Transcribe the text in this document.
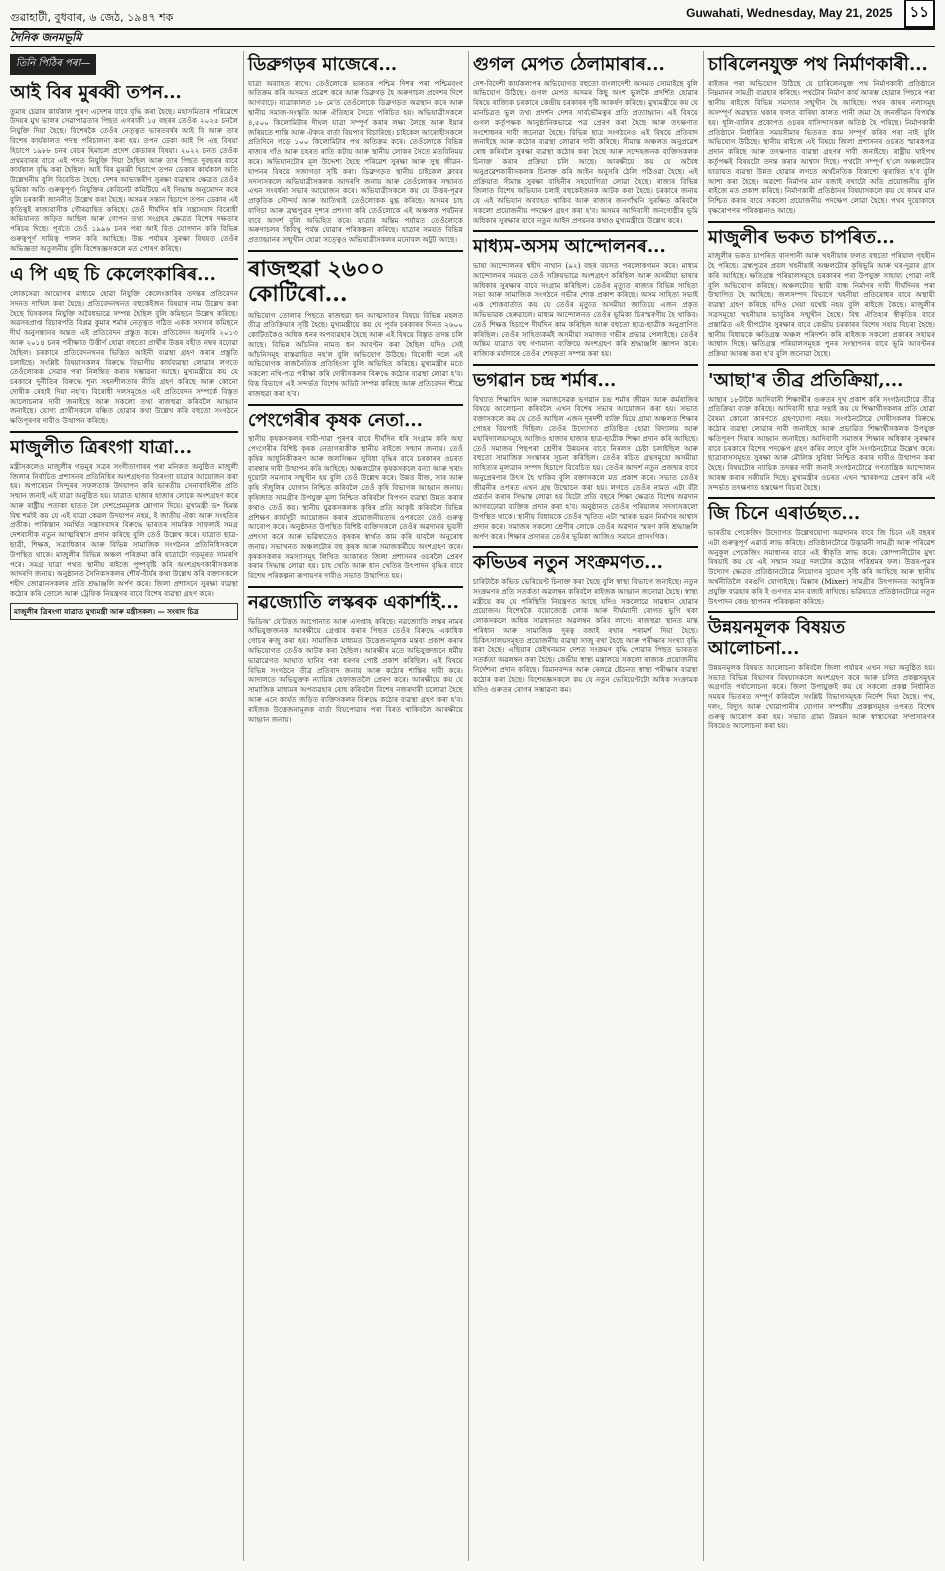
গুৱাহাটী, বুধবাৰ, ৬ জেঠ, ১৯৪৭ শক	Guwahati, Wednesday, May 21, 2025 ১১
দৈনিক জনমভূমি
তিনি পিঠিৰ পৰা—
আই বিৰ মুৰব্বী তপন...
তুমাৰ চেৱাৰ কাৰ্যকাল পুৰণ এদেশৰ বাবে বৃদ্ধি কৰা হৈছে। মহাসমিতাৰ পৰিৱেশে উদয়ৰ মুখ ভালৰ সেৱাপাৱতাৰ পিছত এগৰাকী ১৫ বছৰৰ তেওঁক ২০২৫ চনলৈ নিযুক্তি দিয়া হৈছে। বিশেষকৈ তেওঁৰ নেতৃত্বত ভাৰতবৰ্ষৰ আই বি আৰু তাৰ বিশেষ কাৰ্যকালত পদস্থ পৰিচালনা কৰা হয়। তপন ডেকা আই পি এছ বিষয়া হিচাপে ১৯৮৮ চনৰ বেচৰ হিমাচল প্ৰদেশ কেডাৰৰ বিষয়া। ২০২২ চনত তেওঁক প্ৰথমবাৰৰ বাবে এই পদত নিযুক্তি দিয়া হৈছিল আৰু তাৰ পিছত দুবছৰৰ বাবে কাৰ্যকাল বৃদ্ধি কৰা হৈছিল। আই বিৰ মুৰব্বী হিচাপে তপন ডেকাৰ কাৰ্যকাল অতি উল্লেখনীয় বুলি বিবেচিত হৈছে। দেশৰ আভ্যন্তৰীণ সুৰক্ষা ব্যৱস্থাৰ ক্ষেত্ৰত তেওঁৰ ভূমিকা অতি গুৰুত্বপূৰ্ণ। নিযুক্তিৰ কেবিনেট কমিটিয়ে এই সিদ্ধান্ত অনুমোদন কৰে বুলি চৰকাৰী জাননীত উল্লেখ কৰা হৈছে। অসমৰ সন্তান হিচাপে তপন ডেকাৰ এই কৃতিত্বই ৰাজ্যবাসীক গৌৰৱান্বিত কৰিছে। তেওঁ দীৰ্ঘদিন ধৰি সন্ত্ৰাসবাদ বিৰোধী অভিযানত জড়িত আছিল আৰু গোপন তথ্য সংগ্ৰহৰ ক্ষেত্ৰত বিশেষ দক্ষতাৰ পৰিচয় দিছে। পূৰ্বতে তেওঁ ১৯৯৬ চনৰ পৰা আই বিত যোগদান কৰি বিভিন্ন গুৰুত্বপূৰ্ণ দায়িত্ব পালন কৰি আহিছে। উচ্চ পৰ্যায়ৰ সুৰক্ষা বিষয়ত তেওঁৰ অভিজ্ঞতা অতুলনীয় বুলি বিশেষজ্ঞসকলে মত পোষণ কৰিছে।
এ পি এছ চি কেলেংকাৰিৰ...
লোকসেৱা আয়োগৰ মাধ্যমে হোৱা নিযুক্তি কেলেংকাৰিৰ তদন্তৰ প্ৰতিবেদন সদনত দাখিল কৰা হৈছে। প্ৰতিবেদনখনত বহুকেইজন বিষয়াৰ নাম উল্লেখ কৰা হৈছে যিসকলৰ নিযুক্তি অবৈধভাৱে সম্পন্ন হৈছিল বুলি কমিছনে উল্লেখ কৰিছে। অৱসৰপ্ৰাপ্ত বিচাৰপতি বিপ্লৱ কুমাৰ শৰ্মাৰ নেতৃত্বত গঠিত একক সদস্যৰ কমিছনে দীৰ্ঘ অনুসন্ধানৰ অন্তত এই প্ৰতিবেদন প্ৰস্তুত কৰে। প্ৰতিবেদন অনুসৰি ২০১৩ আৰু ২০১৪ চনৰ পৰীক্ষাত উত্তীৰ্ণ হোৱা বহুতো প্ৰাৰ্থীৰ উত্তৰ বহীত নম্বৰ বঢ়োৱা হৈছিল। চৰকাৰে প্ৰতিবেদনখনৰ ভিত্তিত আইনী ব্যৱস্থা গ্ৰহণ কৰাৰ প্ৰস্তুতি চলাইছে। সংশ্লিষ্ট বিষয়াসকলৰ বিৰুদ্ধে বিভাগীয় কাৰ্যব্যৱস্থা লোৱাৰ লগতে তেওঁলোকক সেৱাৰ পৰা নিলম্বিত কৰাৰ সম্ভাৱনা আছে। মুখ্যমন্ত্ৰীয়ে কয় যে চৰকাৰে দুৰ্নীতিৰ বিৰুদ্ধে শূন্য সহনশীলতাৰ নীতি গ্ৰহণ কৰিছে আৰু কোনো দোষীক ৰেহাই দিয়া নহ'ব। বিৰোধী দলসমূহেও এই প্ৰতিবেদন সম্পৰ্কে বিস্তৃত আলোচনাৰ দাবী জনাইছে আৰু সকলো তথ্য ৰাজহুৱা কৰিবলৈ আহ্বান জনাইছে। যোগ্য প্ৰাৰ্থীসকলে বঞ্চিত হোৱাৰ কথা উল্লেখ কৰি বহুতো সংগঠনে ক্ষতিপূৰণৰ দাবীও উত্থাপন কৰিছে।
মাজুলীত ত্ৰিৰংগা যাত্ৰা...
মন্ত্ৰীসকলেও মাজুলীৰ গড়মূৰ সত্ৰৰ সংগীতাগাৰৰ পৰা মনিকত অনুষ্ঠিত মাজুলী জিলাৰ নিৰ্বাচিত প্ৰশাসনৰ প্ৰতিনিধিৰ অংশগ্ৰহণত তিৰংগা যাত্ৰাৰ আয়োজন কৰা হয়। অপাৰেচন সিন্দুৰৰ সফলতাক উদযাপন কৰি ভাৰতীয় সেনাবাহিনীৰ প্ৰতি সন্মান জনাই এই যাত্ৰা অনুষ্ঠিত হয়। যাত্ৰাত হাজাৰ হাজাৰ লোকে অংশগ্ৰহণ কৰে আৰু ৰাষ্ট্ৰীয় পতাকা হাতত লৈ দেশপ্ৰেমমূলক শ্লোগান দিয়ে। মুখ্যমন্ত্ৰী ড॰ হিমন্ত বিশ্ব শৰ্মাই কয় যে এই যাত্ৰা কেৱল উদযাপন নহয়, ই জাতীয় ঐক্য আৰু সংহতিৰ প্ৰতীক। পাকিস্তান সমৰ্থিত সন্ত্ৰাসবাদৰ বিৰুদ্ধে ভাৰতৰ সামৰিক সাফল্যই সমগ্ৰ দেশবাসীক নতুন আত্মবিশ্বাস প্ৰদান কৰিছে বুলি তেওঁ উল্লেখ কৰে। যাত্ৰাত ছাত্ৰ-ছাত্ৰী, শিক্ষক, সত্ৰাধিকাৰ আৰু বিভিন্ন সামাজিক সংগঠনৰ প্ৰতিনিধিসকলে উপস্থিত থাকে। মাজুলীৰ বিভিন্ন অঞ্চল পৰিক্ৰমা কৰি যাত্ৰাটো গড়মূৰত সামৰণি পৰে। সমগ্ৰ যাত্ৰা পথত স্থানীয় ৰাইজে পুষ্পবৃষ্টি কৰি অংশগ্ৰহণকাৰীসকলক আদৰণি জনায়। অনুষ্ঠানত সৈনিকসকলৰ শৌৰ্য-বীৰ্যৰ কথা উল্লেখ কৰি বক্তাসকলে শহীদ জোৱানসকলৰ প্ৰতি শ্ৰদ্ধাঞ্জলি অৰ্পণ কৰে। জিলা প্ৰশাসনে সুৰক্ষা ব্যৱস্থা কঠোৰ কৰি তোলে আৰু ট্ৰেফিক নিয়ন্ত্ৰণৰ বাবে বিশেষ ব্যৱস্থা গ্ৰহণ কৰে।
মাজুলীৰ ত্ৰিৰংগা যাত্ৰাত মুখ্যমন্ত্ৰী আৰু মন্ত্ৰীসকল। — সংবাদ চিত্ৰ
ডিব্ৰুগড়ৰ মাজেৰে...
যাত্ৰা অব্যাহত ৰাখে। তেওঁলোকে ভাৰতৰ পশ্চিম দিশৰ পৰা পশ্চিমবংগ অতিক্ৰম কৰি অসমত প্ৰৱেশ কৰে আৰু ডিব্ৰুগড় হৈ অৰুণাচল প্ৰদেশৰ দিশে আগবাঢ়ে। যাত্ৰাকালত ১৮ মে'ত তেওঁলোকে ডিব্ৰুগড়ত অৱস্থান কৰে আৰু স্থানীয় সমাজ-সংস্কৃতি আৰু ঐতিহ্যৰ সৈতে পৰিচিত হয়। অভিযাত্ৰীসকলে ৪,৫০০ কিলোমিটাৰ দীঘল যাত্ৰা সম্পূৰ্ণ কৰাৰ লক্ষ্য লৈছে আৰু ইয়াৰ জৰিয়তে শান্তি আৰু ঐক্যৰ বাৰ্তা বিয়পাব বিচাৰিছে। চাইকেল আৰোহীসকলে প্ৰতিদিনে গড়ে ১০০ কিলোমিটাৰ পথ অতিক্ৰম কৰে। তেওঁলোকে বিভিন্ন ৰাজ্যৰ গাঁও আৰু চহৰত ৰাতি কটায় আৰু স্থানীয় লোকৰ সৈতে মতবিনিময় কৰে। অভিযানটোৰ মূল উদ্দেশ্য হৈছে পৰিৱেশ সুৰক্ষা আৰু সুস্থ জীৱন-যাপনৰ বিষয়ে সজাগতা সৃষ্টি কৰা। ডিব্ৰুগড়ত স্থানীয় চাইকেল ক্লাবৰ সদস্যসকলে অভিযাত্ৰীসকলক আদৰণি জনায় আৰু তেওঁলোকৰ সন্মানত এখন সংবৰ্ধনা সভাৰ আয়োজন কৰে। অভিযাত্ৰীসকলে কয় যে উত্তৰ-পূৱৰ প্ৰাকৃতিক সৌন্দৰ্য আৰু আতিথ্যই তেওঁলোকক মুগ্ধ কৰিছে। অসমৰ চাহ বাগিচা আৰু ব্ৰহ্মপুত্ৰৰ দৃশ্যৰ প্ৰশংসা কৰি তেওঁলোকে এই অঞ্চলক পৰ্যটনৰ বাবে আদৰ্শ বুলি অভিহিত কৰে। যাত্ৰাৰ অন্তিম পৰ্যায়ত তেওঁলোকে অৰুণাচলৰ কিবিথু পৰ্যন্ত যোৱাৰ পৰিকল্পনা কৰিছে। যাত্ৰাৰ সময়ত বিভিন্ন প্ৰত্যাহ্বানৰ সন্মুখীন হোৱা সত্ত্বেও অভিযাত্ৰীসকলৰ মনোবল অটুট আছে।
ৰাজহুৱা ২৬০০ কোটিৰো...
অভিযোগ তোলাৰ পিছতে ৰাজহুৱা ধন আত্মসাতৰ বিষয়ে বিভিন্ন মহলত তীব্ৰ প্ৰতিক্ৰিয়াৰ সৃষ্টি হৈছে। মুখ্যমন্ত্ৰীয়ে কয় যে পূৰ্বৰ চৰকাৰৰ দিনত ২৬০০ কোটিতকৈও অধিক ধনৰ অপব্যৱহাৰ হৈছে আৰু এই বিষয়ে বিস্তৃত তদন্ত চলি আছে। বিভিন্ন আঁচনিৰ নামত ধন আবণ্টন কৰা হৈছিল যদিও সেই আঁচনিসমূহ বাস্তৱায়িত নহ'ল বুলি অভিযোগ উঠিছে। বিৰোধী দলে এই অভিযোগক ৰাজনৈতিক প্ৰতিহিংসা বুলি অভিহিত কৰিছে। মুখ্যমন্ত্ৰীৰ মতে সকলো নথি-পত্ৰ পৰীক্ষা কৰি দোষীসকলৰ বিৰুদ্ধে কঠোৰ ব্যৱস্থা লোৱা হ'ব। বিত্ত বিভাগে এই সন্দৰ্ভত বিশেষ অডিট সম্পন্ন কৰিছে আৰু প্ৰতিবেদন শীঘ্ৰে ৰাজহুৱা কৰা হ'ব।
পেংগেৰীৰ কৃষক নেতা...
স্থানীয় কৃষকসকলৰ দাবী-দাৱা পূৰণৰ বাবে দীৰ্ঘদিন ধৰি সংগ্ৰাম কৰি অহা পেংগেৰীৰ বিশিষ্ট কৃষক নেতাগৰাকীক স্থানীয় ৰাইজে সন্মান জনায়। তেওঁ কৃষিৰ আধুনিকীকৰণ আৰু জলসিঞ্চন সুবিধা বৃদ্ধিৰ বাবে চৰকাৰৰ ওচৰত বাৰম্বাৰ দাবী উত্থাপন কৰি আহিছে। অঞ্চলটোৰ কৃষকসকলে বন্যা আৰু খৰাং দুয়োটা সমস্যাৰ সন্মুখীন হয় বুলি তেওঁ উল্লেখ কৰে। উন্নত বীজ, সাৰ আৰু কৃষি সঁজুলিৰ যোগান নিশ্চিত কৰিবলৈ তেওঁ কৃষি বিভাগক আহ্বান জনায়। কৃষিজাত সামগ্ৰীৰ উপযুক্ত মূল্য নিশ্চিত কৰিবলৈ বিপণন ব্যৱস্থা উন্নত কৰাৰ কথাও তেওঁ কয়। স্থানীয় যুৱকসকলক কৃষিৰ প্ৰতি আকৃষ্ট কৰিবলৈ বিভিন্ন প্ৰশিক্ষণ কাৰ্যসূচী আয়োজন কৰাৰ প্ৰয়োজনীয়তাৰ ওপৰতো তেওঁ গুৰুত্ব আৰোপ কৰে। অনুষ্ঠানত উপস্থিত বিশিষ্ট ব্যক্তিসকলে তেওঁৰ অৱদানৰ ভূয়সী প্ৰশংসা কৰে আৰু ভৱিষ্যতেও কৃষকৰ স্বাৰ্থত কাম কৰি যাবলৈ অনুৰোধ জনায়। সভাখনত অঞ্চলটোৰ বহু কৃষক আৰু সমাজকৰ্মীয়ে অংশগ্ৰহণ কৰে। কৃষকসকলৰ সমস্যাসমূহ লিখিত আকাৰত জিলা প্ৰশাসনৰ ওচৰলৈ প্ৰেৰণ কৰাৰ সিদ্ধান্ত লোৱা হয়। চাহ খেতি আৰু ধান খেতিৰ উৎপাদন বৃদ্ধিৰ বাবে বিশেষ পৰিকল্পনা ৰূপায়ণৰ দাবীও সভাত উত্থাপিত হয়।
নৱজ্যোতি লস্কৰক একাৰ্শাই...
ভিডিঅ' যে'টত্তত আপোনাত আৰু এসপ্তাহ কৰিছে। নৱজ্যোতি লস্কৰ নামৰ অভিযুক্তজনক আৰক্ষীয়ে গ্ৰেপ্তাৰ কৰাৰ পিছত তেওঁৰ বিৰুদ্ধে একাধিক গোচৰ ৰুজু কৰা হয়। সামাজিক মাধ্যমত উত্তেজনামূলক মন্তব্য প্ৰকাশ কৰাৰ অভিযোগত তেওঁক আটক কৰা হৈছিল। আৰক্ষীৰ মতে অভিযুক্তজনে ধৰ্মীয় ভাৱাৱেগত আঘাত হানিব পৰা ধৰণৰ পোষ্ট প্ৰকাশ কৰিছিল। এই বিষয়ে বিভিন্ন সংগঠনে তীব্ৰ প্ৰতিবাদ জনায় আৰু কঠোৰ শাস্তিৰ দাবী কৰে। আদালতে অভিযুক্তক ন্যায়িক হেফাজতলৈ প্ৰেৰণ কৰে। আৰক্ষীয়ে কয় যে সামাজিক মাধ্যমৰ অপব্যৱহাৰ ৰোধ কৰিবলৈ বিশেষ নজৰদাৰী চলোৱা হৈছে আৰু এনে কাৰ্যত জড়িত ব্যক্তিসকলৰ বিৰুদ্ধে কঠোৰ ব্যৱস্থা গ্ৰহণ কৰা হ'ব। ৰাইজক উত্তেজনামূলক বাৰ্তা বিয়পোৱাৰ পৰা বিৰত থাকিবলৈ আৰক্ষীয়ে আহ্বান জনায়।
গুগল মেপত ঠেলামাৰাৰ...
দেশ-বিদেশী কাৰ্যকলাপৰ অভিযোগত বহুতো বাংলাদেশী অসমত সোমাইছে বুলি অভিযোগ উঠিছে। গুগল মেপত অসমৰ কিছু অংশ ভুলকৈ প্ৰদৰ্শিত হোৱাৰ বিষয়ে ৰাজ্যিক চৰকাৰে কেন্দ্ৰীয় চৰকাৰৰ দৃষ্টি আকৰ্ষণ কৰিছে। মুখ্যমন্ত্ৰীয়ে কয় যে মানচিত্ৰত ভুল তথ্য প্ৰদৰ্শন দেশৰ সাৰ্বভৌমত্বৰ প্ৰতি প্ৰত্যাহ্বান। এই বিষয়ে গুগল কৰ্তৃপক্ষক আনুষ্ঠানিকভাৱে পত্ৰ প্ৰেৰণ কৰা হৈছে আৰু তৎক্ষণাত সংশোধনৰ দাবী জনোৱা হৈছে। বিভিন্ন ছাত্ৰ সংগঠনেও এই বিষয়ে প্ৰতিবাদ জনাইছে আৰু কঠোৰ ব্যৱস্থা লোৱাৰ দাবী কৰিছে। সীমান্ত অঞ্চলত অনুপ্ৰৱেশ ৰোধ কৰিবলৈ সুৰক্ষা ব্যৱস্থা কঠোৰ কৰা হৈছে আৰু সন্দেহজনক ব্যক্তিসকলক চিনাক্ত কৰাৰ প্ৰক্ৰিয়া চলি আছে। আৰক্ষীয়ে কয় যে অবৈধ অনুপ্ৰৱেশকাৰীসকলক চিনাক্ত কৰি আইন অনুসৰি ঠেলি পঠিওৱা হৈছে। এই প্ৰক্ৰিয়াত সীমান্ত সুৰক্ষা বাহিনীৰ সহযোগিতা লোৱা হৈছে। ৰাজ্যৰ বিভিন্ন জিলাত বিশেষ অভিযান চলাই বহুকেইজনক আটক কৰা হৈছে। চৰকাৰে জনায় যে এই অভিযান অব্যাহত থাকিব আৰু ৰাজ্যৰ জনগাঁথনি সুৰক্ষিত কৰিবলৈ সকলো প্ৰয়োজনীয় পদক্ষেপ গ্ৰহণ কৰা হ'ব। অসমৰ আদিবাসী জনগোষ্ঠীৰ ভূমি অধিকাৰ সুৰক্ষাৰ বাবে নতুন আইন প্ৰণয়নৰ কথাও মুখ্যমন্ত্ৰীয়ে উল্লেখ কৰে।
মাধ্যম-অসম আন্দোলনৰ...
ভাষা আন্দোলনৰ শ্বহীদ নাথান (৯২) বছৰ বয়সত পৰলোকগমন কৰে। মাধ্যম আন্দোলনৰ সময়ত তেওঁ সক্ৰিয়ভাৱে অংশগ্ৰহণ কৰিছিল আৰু অসমীয়া ভাষাৰ অধিকাৰ সুৰক্ষাৰ বাবে সংগ্ৰাম কৰিছিল। তেওঁৰ মৃত্যুত ৰাজ্যৰ বিভিন্ন সাহিত্য সভা আৰু সামাজিক সংগঠনে গভীৰ শোক প্ৰকাশ কৰিছে। অসম সাহিত্য সভাই এক শোকবাৰ্তাত কয় যে তেওঁৰ মৃত্যুত অসমীয়া জাতিয়ে এজন প্ৰকৃত অভিভাৱক হেৰুৱালে। মাধ্যম আন্দোলনত তেওঁৰ ভূমিকা চিৰস্মৰণীয় হৈ থাকিব। তেওঁ শিক্ষক হিচাপে দীৰ্ঘদিন কাম কৰিছিল আৰু বহুতো ছাত্ৰ-ছাত্ৰীক অনুপ্ৰাণিত কৰিছিল। তেওঁৰ সাহিত্যকৰ্মই অসমীয়া সমাজত গভীৰ প্ৰভাৱ পেলাইছে। তেওঁৰ অন্তিম যাত্ৰাত বহু গণ্যমান্য ব্যক্তিয়ে অংশগ্ৰহণ কৰি শ্ৰদ্ধাঞ্জলি জ্ঞাপন কৰে। ৰাজ্যিক মৰ্যাদাৰে তেওঁৰ শেষকৃত্য সম্পন্ন কৰা হয়।
ভগৱান চন্দ্ৰ শৰ্মাৰ...
বিখ্যাত শিক্ষাবিদ আৰু সমাজসেৱক ভগৱান চন্দ্ৰ শৰ্মাৰ জীৱন আৰু কৰ্মৰাজিৰ বিষয়ে আলোচনা কৰিবলৈ এখন বিশেষ সভাৰ আয়োজন কৰা হয়। সভাত বক্তাসকলে কয় যে তেওঁ আছিল এজন দূৰদৰ্শী ব্যক্তি যিয়ে গ্ৰাম্য অঞ্চলত শিক্ষাৰ পোহৰ বিয়পাই দিছিল। তেওঁৰ উদ্যোগত প্ৰতিষ্ঠিত হোৱা বিদ্যালয় আৰু মহাবিদ্যালয়সমূহে আজিও হাজাৰ হাজাৰ ছাত্ৰ-ছাত্ৰীক শিক্ষা প্ৰদান কৰি আহিছে। তেওঁ সমাজৰ পিছপৰা শ্ৰেণীৰ উন্নয়নৰ বাবে নিৰলস চেষ্টা চলাইছিল আৰু বহুতো সামাজিক সংস্কাৰৰ সূচনা কৰিছিল। তেওঁৰ ৰচিত গ্ৰন্থসমূহো অসমীয়া সাহিত্যৰ মূল্যৱান সম্পদ হিচাপে বিবেচিত হয়। তেওঁৰ আদৰ্শ নতুন প্ৰজন্মৰ বাবে অনুপ্ৰেৰণাৰ উৎস হৈ থাকিব বুলি বক্তাসকলে মত প্ৰকাশ কৰে। সভাত তেওঁৰ জীৱনীৰ ওপৰত এখন গ্ৰন্থ উন্মোচন কৰা হয়। লগতে তেওঁৰ নামত এটা বঁটা প্ৰৱৰ্তন কৰাৰ সিদ্ধান্ত লোৱা হয় যিটো প্ৰতি বছৰে শিক্ষা ক্ষেত্ৰত বিশেষ অৱদান আগবঢ়োৱা ব্যক্তিক প্ৰদান কৰা হ'ব। অনুষ্ঠানত তেওঁৰ পৰিয়ালৰ সদস্যসকলো উপস্থিত থাকে। স্থানীয় বিধায়কে তেওঁৰ স্মৃতিত এটা স্মাৰক ভৱন নিৰ্মাণৰ আশ্বাস প্ৰদান কৰে। সমাজৰ সকলো শ্ৰেণীৰ লোকে তেওঁৰ অৱদান স্মৰণ কৰি শ্ৰদ্ধাঞ্জলি অৰ্পণ কৰে। শিক্ষাৰ প্ৰসাৰত তেওঁৰ ভূমিকা আজিও সমানে প্ৰাসংগিক।
কভিডৰ নতুন সংক্ৰমণত...
চাৰিটাকৈ কভিড ভেৰিয়েণ্ট চিনাক্ত কৰা হৈছে বুলি স্বাস্থ্য বিভাগে জনাইছে। নতুন সংক্ৰমণৰ প্ৰতি সতৰ্কতা অৱলম্বন কৰিবলৈ ৰাইজক আহ্বান জনোৱা হৈছে। স্বাস্থ্য মন্ত্ৰীয়ে কয় যে পৰিস্থিতি নিয়ন্ত্ৰণত আছে যদিও সকলোৱে সাৱধান হোৱাৰ প্ৰয়োজন। বিশেষকৈ বয়োজ্যেষ্ঠ লোক আৰু দীৰ্ঘম্যাদী ৰোগত ভুগি থকা লোকসকলে অধিক সাৱধানতা অৱলম্বন কৰিব লাগে। ৰাজহুৱা স্থানত মাস্ক পৰিধান আৰু সামাজিক দূৰত্ব বজাই ৰখাৰ পৰামৰ্শ দিয়া হৈছে। চিকিৎসালয়সমূহত প্ৰয়োজনীয় ব্যৱস্থা সাজু ৰখা হৈছে আৰু পৰীক্ষাৰ সংখ্যা বৃদ্ধি কৰা হৈছে। এছিয়াৰ কেইখনমান দেশত সংক্ৰমণ বৃদ্ধি পোৱাৰ পিছত ভাৰতত সতৰ্কতা অৱলম্বন কৰা হৈছে। কেন্দ্ৰীয় স্বাস্থ্য মন্ত্ৰালয়ে সকলো ৰাজ্যক প্ৰয়োজনীয় নিৰ্দেশনা প্ৰদান কৰিছে। বিমানবন্দৰ আৰু ৰেলৱে ষ্টেচনত স্বাস্থ্য পৰীক্ষাৰ ব্যৱস্থা কঠোৰ কৰা হৈছে। বিশেষজ্ঞসকলে কয় যে নতুন ভেৰিয়েণ্টটো অধিক সংক্ৰামক যদিও গুৰুতৰ ৰোগৰ সম্ভাৱনা কম।
চাৰিলেনযুক্ত পথ নিৰ্মাণকাৰী...
ৰাইজৰ পৰা অভিযোগ উঠিছে যে চাৰিলেনযুক্ত পথ নিৰ্মাণকাৰী প্ৰতিষ্ঠানে নিম্নমানৰ সামগ্ৰী ব্যৱহাৰ কৰিছে। পথটোৰ নিৰ্মাণ কাৰ্য আৰম্ভ হোৱাৰ পিছৰে পৰা স্থানীয় ৰাইজে বিভিন্ন সমস্যাৰ সন্মুখীন হৈ আহিছে। পথৰ কাষৰ নলাসমূহ অসম্পূৰ্ণ অৱস্থাত থকাৰ ফলত বাৰিষা কালত পানী জমা হৈ জনজীৱন বিপৰ্যস্ত হয়। ধূলি-বালিৰ প্ৰকোপত ওচৰৰ বাসিন্দাসকল অতিষ্ঠ হৈ পৰিছে। নিৰ্মাণকাৰী প্ৰতিষ্ঠানে নিৰ্ধাৰিত সময়সীমাৰ ভিতৰত কাম সম্পূৰ্ণ কৰিব পৰা নাই বুলি অভিযোগ উঠিছে। স্থানীয় ৰাইজে এই বিষয়ে জিলা প্ৰশাসনৰ ওচৰত স্মাৰকপত্ৰ প্ৰদান কৰিছে আৰু তৎক্ষণাত ব্যৱস্থা গ্ৰহণৰ দাবী জনাইছে। ৰাষ্ট্ৰীয় ঘাইপথ কৰ্তৃপক্ষই বিষয়টো তদন্ত কৰাৰ আশ্বাস দিছে। পথটো সম্পূৰ্ণ হ'লে অঞ্চলটোৰ যাতায়ত ব্যৱস্থা উন্নত হোৱাৰ লগতে অৰ্থনৈতিক বিকাশো ত্বৰান্বিত হ'ব বুলি আশা কৰা হৈছে। অৱশ্যে নিৰ্মাণৰ মান বজাই ৰখাটো অতি প্ৰয়োজনীয় বুলি ৰাইজে মত প্ৰকাশ কৰিছে। নিৰ্মাণকাৰী প্ৰতিষ্ঠানৰ বিষয়াসকলে কয় যে কামৰ মান নিশ্চিত কৰাৰ বাবে সকলো প্ৰয়োজনীয় পদক্ষেপ লোৱা হৈছে। পথৰ দুয়োকাষে বৃক্ষৰোপণৰ পৰিকল্পনাও আছে।
মাজুলীৰ ভকত চাপৰিত...
মাজুলীৰ ভকত চাপৰিত বানপানী আৰু খহনীয়াৰ ফলত বহুতো পৰিয়াল গৃহহীন হৈ পৰিছে। ব্ৰহ্মপুত্ৰৰ প্ৰবল খহনীয়াই অঞ্চলটোৰ কৃষিভূমি আৰু ঘৰ-দুৱাৰ গ্ৰাস কৰি আহিছে। ক্ষতিগ্ৰস্ত পৰিয়ালসমূহে চৰকাৰৰ পৰা উপযুক্ত সাহায্য পোৱা নাই বুলি অভিযোগ কৰিছে। অঞ্চলটোত স্থায়ী বান্ধ নিৰ্মাণৰ দাবী দীৰ্ঘদিনৰ পৰা উত্থাপিত হৈ আহিছে। জলসম্পদ বিভাগে খহনীয়া প্ৰতিৰোধৰ বাবে অস্থায়ী ব্যৱস্থা গ্ৰহণ কৰিছে যদিও সেয়া যথেষ্ট নহয় বুলি ৰাইজে কৈছে। মাজুলীৰ সত্ৰসমূহো খহনীয়াৰ ভাবুকিৰ সন্মুখীন হৈছে। বিশ্ব ঐতিহ্যৰ স্বীকৃতিৰ বাবে প্ৰস্তাৱিত এই দ্বীপটোৰ সুৰক্ষাৰ বাবে কেন্দ্ৰীয় চৰকাৰৰ বিশেষ সহায় বিচৰা হৈছে। স্থানীয় বিধায়কে ক্ষতিগ্ৰস্ত অঞ্চল পৰিদৰ্শন কৰি ৰাইজক সকলো প্ৰকাৰৰ সহায়ৰ আশ্বাস দিছে। ক্ষতিগ্ৰস্ত পৰিয়ালসমূহক পুনৰ সংস্থাপনৰ বাবে ভূমি আবণ্টনৰ প্ৰক্ৰিয়া আৰম্ভ কৰা হ'ব বুলি জনোৱা হৈছে।
'আছা'ৰ তীব্ৰ প্ৰতিক্ৰিয়া,...
আছাৰ ১৮টাকৈ আদিবাসী শিক্ষাৰ্থীৰ গুৰুতৰ দুখ প্ৰকাশ কৰি সংগঠনটোৱে তীব্ৰ প্ৰতিক্ৰিয়া ব্যক্ত কৰিছে। আদিবাসী ছাত্ৰ সন্থাই কয় যে শিক্ষাৰ্থীসকলৰ প্ৰতি হোৱা বৈষম্য কোনো কাৰণতে গ্ৰহণযোগ্য নহয়। সংগঠনটোৱে দোষীসকলৰ বিৰুদ্ধে কঠোৰ ব্যৱস্থা লোৱাৰ দাবী জনাইছে আৰু প্ৰভাৱিত শিক্ষাৰ্থীসকলক উপযুক্ত ক্ষতিপূৰণ দিয়াৰ আহ্বান জনাইছে। আদিবাসী সমাজৰ শিক্ষাৰ অধিকাৰ সুৰক্ষাৰ বাবে চৰকাৰে বিশেষ পদক্ষেপ গ্ৰহণ কৰিব লাগে বুলি সংগঠনটোৱে উল্লেখ কৰে। ছাত্ৰাবাসসমূহত সুৰক্ষা আৰু মৌলিক সুবিধা নিশ্চিত কৰাৰ দাবীও উত্থাপন কৰা হৈছে। বিষয়টোৰ ন্যায়িক তদন্তৰ দাবী জনাই সংগঠনটোৱে গণতান্ত্ৰিক আন্দোলন আৰম্ভ কৰাৰ সকীয়নি দিছে। মুখ্যমন্ত্ৰীৰ ওচৰত এখন স্মাৰকপত্ৰ প্ৰেৰণ কৰি এই সন্দৰ্ভত তৎক্ষণাত হস্তক্ষেপ বিচৰা হৈছে।
জি চিনে এৰাৰ্ডছত...
ভাৰতীয় পেকেজিং উদ্যোগত উল্লেখযোগ্য অৱদানৰ বাবে জি চিনে এই বছৰৰ এটা গুৰুত্বপূৰ্ণ এৱাৰ্ড লাভ কৰিছে। প্ৰতিষ্ঠানটোৱে উদ্ভাৱনী সামগ্ৰী আৰু পৰিৱেশ অনুকূল পেকেজিং সমাধানৰ বাবে এই স্বীকৃতি লাভ কৰে। কোম্পানীটোৰ মুখ্য বিষয়াই কয় যে এই সন্মান সমগ্ৰ দলটোৰ কঠোৰ পৰিশ্ৰমৰ ফল। উত্তৰ-পূৱৰ উদ্যোগ ক্ষেত্ৰত প্ৰতিষ্ঠানটোৱে নিয়োগৰ সুযোগ সৃষ্টি কৰি আহিছে আৰু স্থানীয় অৰ্থনীতিলৈ বৰঙণি যোগাইছে। মিক্সাৰ (Mixer) সামগ্ৰীৰ উৎপাদনত আধুনিক প্ৰযুক্তি ব্যৱহাৰ কৰি ই গুণগত মান বজাই ৰাখিছে। ভৱিষ্যতে প্ৰতিষ্ঠানটোৱে নতুন উৎপাদন কেন্দ্ৰ স্থাপনৰ পৰিকল্পনা কৰিছে।
উন্নয়নমূলক বিষয়ত আলোচনা...
উন্নয়নমূলক বিষয়ত আলোচনা কৰিবলৈ জিলা পৰ্যায়ৰ এখন সভা অনুষ্ঠিত হয়। সভাত বিভিন্ন বিভাগৰ বিষয়াসকলে অংশগ্ৰহণ কৰে আৰু চলিত প্ৰকল্পসমূহৰ অগ্ৰগতি পৰ্যালোচনা কৰে। জিলা উপায়ুক্তই কয় যে সকলো প্ৰকল্প নিৰ্ধাৰিত সময়ৰ ভিতৰত সম্পূৰ্ণ কৰিবলৈ সংশ্লিষ্ট বিভাগসমূহক নিৰ্দেশ দিয়া হৈছে। পথ, দলং, বিদ্যুৎ আৰু খোৱাপানীৰ যোগান সম্পৰ্কীয় প্ৰকল্পসমূহৰ ওপৰত বিশেষ গুৰুত্ব আৰোপ কৰা হয়। সভাত গ্ৰাম্য উন্নয়ন আৰু স্বাস্থ্যসেৱা সম্প্ৰসাৰণৰ বিষয়েও আলোচনা কৰা হয়।
